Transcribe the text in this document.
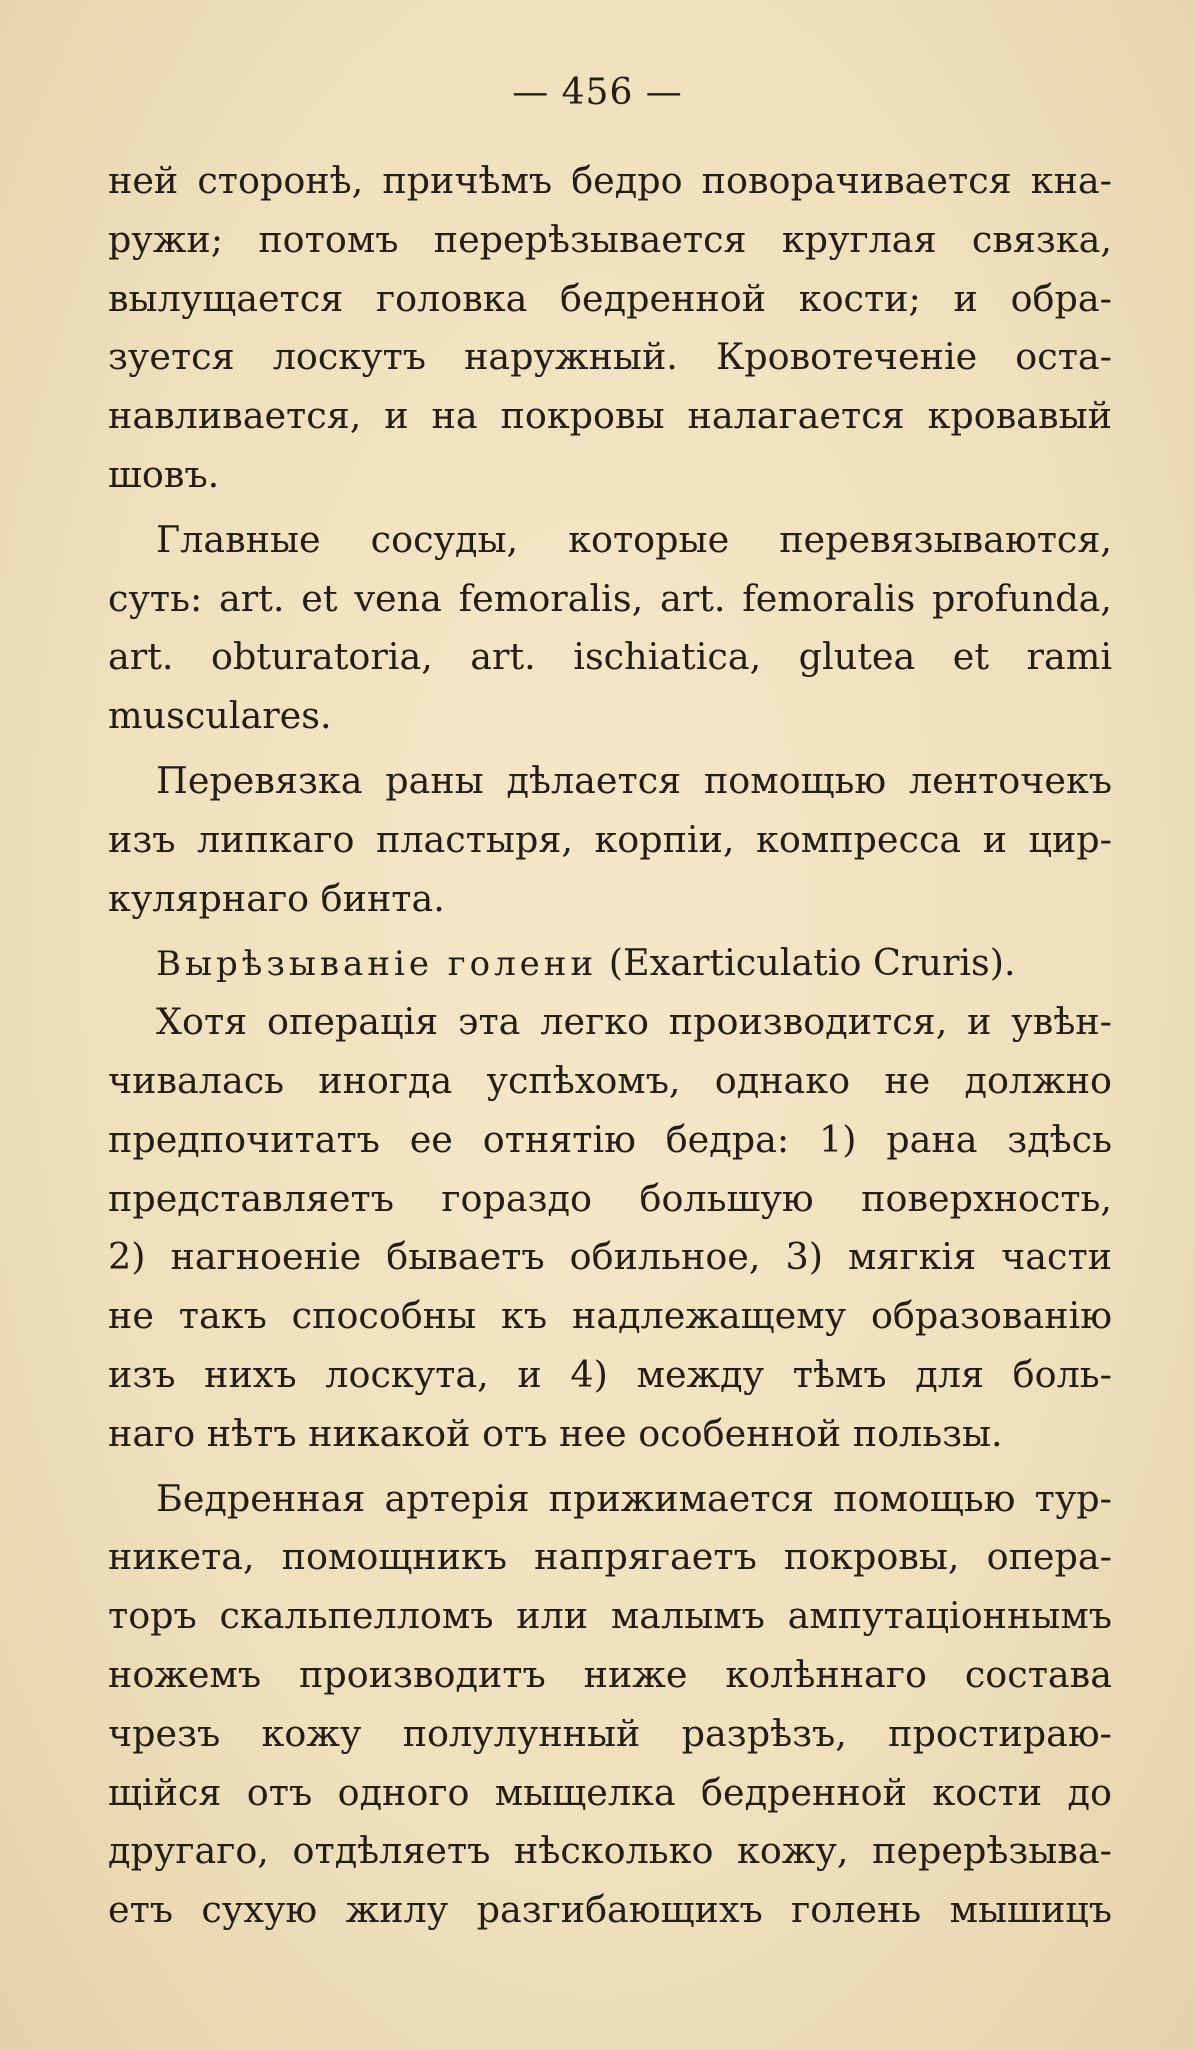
— 456 —
ней сторонѣ, причѣмъ бедро поворачивается кна-
ружи; потомъ перерѣзывается круглая связка,
вылущается головка бедренной кости; и обра-
зуется лоскутъ наружный. Кровотеченіе оста-
навливается, и на покровы налагается кровавый
шовъ.
Главные сосуды, которые перевязываются,
суть: art. et vena femoralis, art. femoralis profunda,
art. obturatoria, art. ischiatica, glutea et rami
musculares.
Перевязка раны дѣлается помощью ленточекъ
изъ липкаго пластыря, корпіи, компресса и цир-
кулярнаго бинта.
Вырѣзываніе голени (Exarticulatio Cruris).
Хотя операція эта легко производится, и увѣн-
чивалась иногда успѣхомъ, однако не должно
предпочитатъ ее отнятію бедра: 1) рана здѣсь
представляетъ гораздо большую поверхность,
2) нагноеніе бываетъ обильное, 3) мягкія части
не такъ способны къ надлежащему образованію
изъ нихъ лоскута, и 4) между тѣмъ для боль-
наго нѣтъ никакой отъ нее особенной пользы.
Бедренная артерія прижимается помощью тур-
никета, помощникъ напрягаетъ покровы, опера-
торъ скальпелломъ или малымъ ампутаціоннымъ
ножемъ производитъ ниже колѣннаго состава
чрезъ кожу полулунный разрѣзъ, простираю-
щійся отъ одного мыщелка бедренной кости до
другаго, отдѣляетъ нѣсколько кожу, перерѣзыва-
етъ сухую жилу разгибающихъ голень мышицъ
